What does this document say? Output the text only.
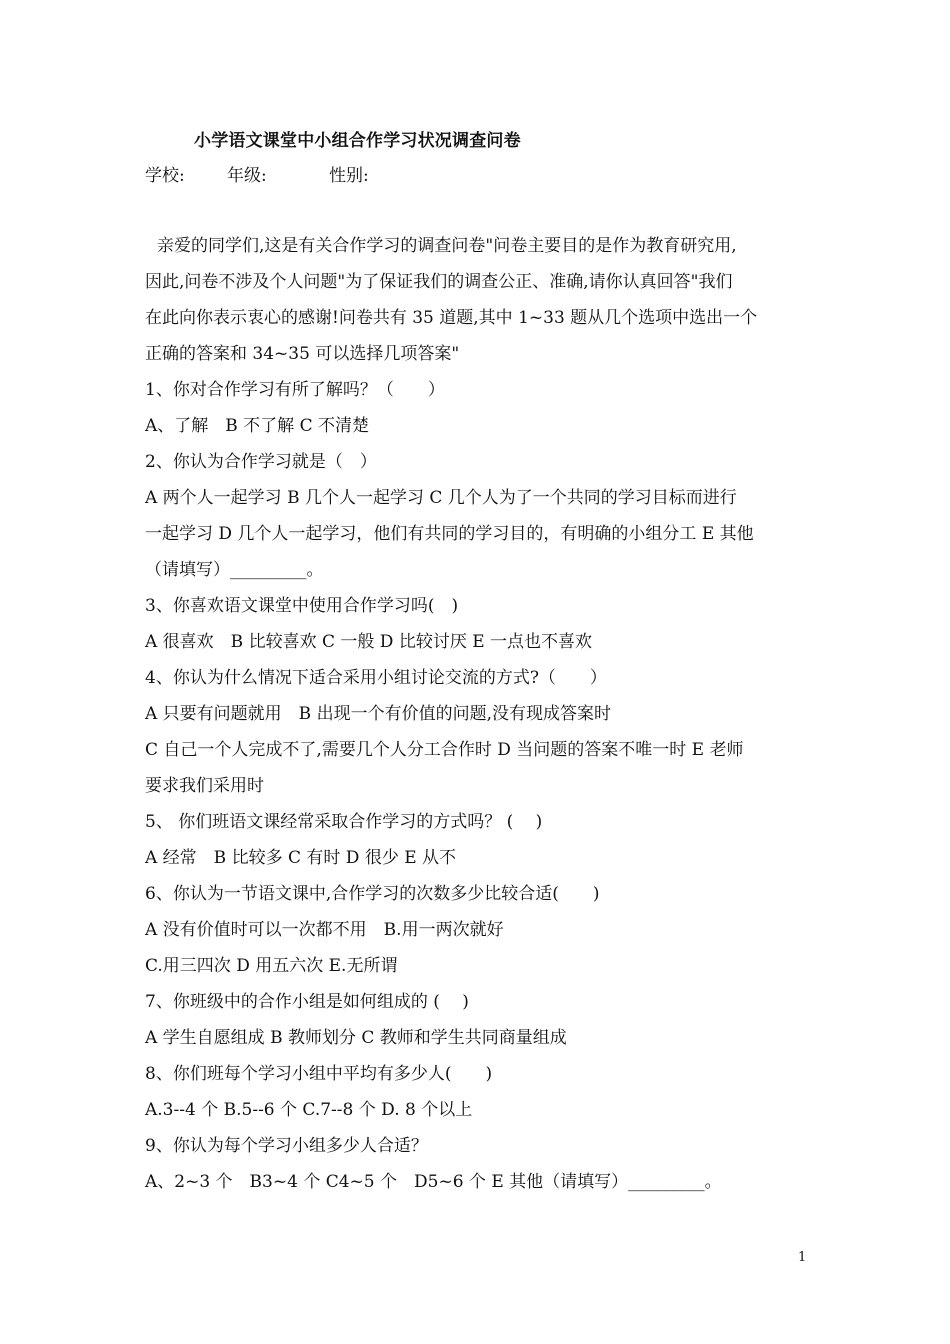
小学语文课堂中小组合作学习状况调查问卷
学校: 年级:	性别:
亲爱的同学们,这是有关合作学习的调查问卷"问卷主要目的是作为教育研究用,
因此,问卷不涉及个人问题"为了保证我们的调查公正、准确,请你认真回答"我们
在此向你表示衷心的感谢!问卷共有 35 道题,其中 1~33 题从几个选项中选出一个
正确的答案和 34~35 可以选择几项答案"
1、你对合作学习有所了解吗？（　　）
A、了解　B 不了解 C 不清楚
2、你认为合作学习就是（　）
A 两个人一起学习 B 几个人一起学习 C 几个人为了一个共同的学习目标而进行
一起学习 D 几个人一起学习，他们有共同的学习目的，有明确的小组分工 E 其他
（请填写）_________。
3、你喜欢语文课堂中使用合作学习吗(　)
A 很喜欢　B 比较喜欢 C 一般 D 比较讨厌 E 一点也不喜欢
4、你认为什么情况下适合采用小组讨论交流的方式?（　　）
A 只要有问题就用　B 出现一个有价值的问题,没有现成答案时
C 自己一个人完成不了,需要几个人分工合作时 D 当问题的答案不唯一时 E 老师
要求我们采用时
5、 你们班语文课经常采取合作学习的方式吗？ (　 )
A 经常　B 比较多 C 有时 D 很少 E 从不
6、你认为一节语文课中,合作学习的次数多少比较合适(　　)
A 没有价值时可以一次都不用　B.用一两次就好
C.用三四次 D 用五六次 E.无所谓
7、你班级中的合作小组是如何组成的 (　 )
A 学生自愿组成 B 教师划分 C 教师和学生共同商量组成
8、你们班每个学习小组中平均有多少人(　　)
A.3--4 个 B.5--6 个 C.7--8 个 D. 8 个以上
9、你认为每个学习小组多少人合适？
A、2~3 个　B3~4 个 C4~5 个　D5~6 个 E 其他（请填写）_________。
1
